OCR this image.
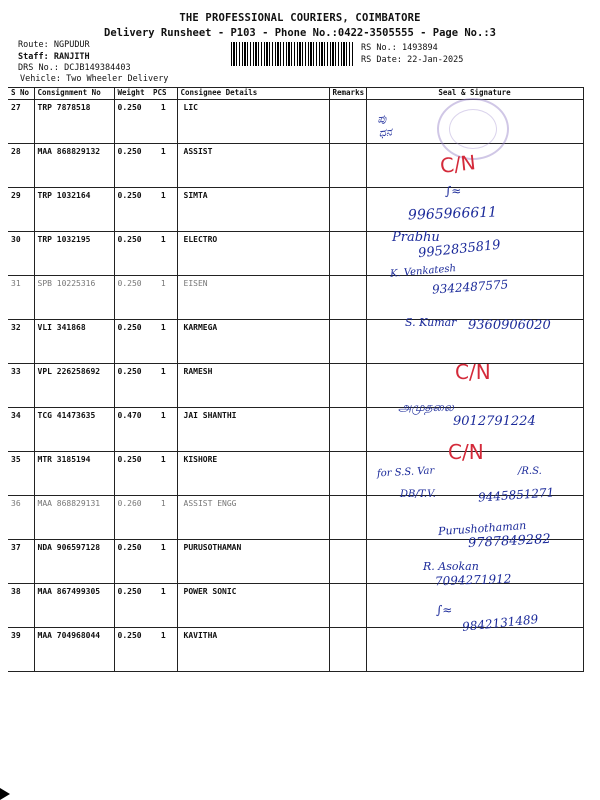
THE PROFESSIONAL COURIERS, COIMBATORE
Delivery Runsheet - P103 - Phone No.:0422-3505555 - Page No.:3
Route: NGPUDUR
Staff: RANJITH
DRS No.: DCJB149384403
Vehicle: Two Wheeler Delivery
RS No.: 1493894
RS Date: 22-Jan-2025
S No	Consignment No	Weight	PCS	Consignee Details	Remarks	Seal & Signature
27	TRP 7878518	0.250	1	LIC		
28	MAA 868829132	0.250	1	ASSIST		
29	TRP 1032164	0.250	1	SIMTA		
30	TRP 1032195	0.250	1	ELECTRO		
31	SPB 10225316	0.250	1	EISEN		
32	VLI 341868	0.250	1	KARMEGA		
33	VPL 226258692	0.250	1	RAMESH		
34	TCG 41473635	0.470	1	JAI SHANTHI		
35	MTR 3185194	0.250	1	KISHORE		
36	MAA 868829131	0.260	1	ASSIST ENGG		
37	NDA 906597128	0.250	1	PURUSOTHAMAN		
38	MAA 867499305	0.250	1	POWER SONIC		
39	MAA 704968044	0.250	1	KAVITHA		
ಪು
ಧನ
C/N
∫≈
9965966611
Prabhu
9952835819
K. Venkatesh
9342487575
S. Kumar 9360906020
C/N
அமுதலை
9012791224
C/N
for S.S. Var	/R.S.
DB/T.V.	9445851271
Purushothaman
9787849282
R. Asokan
7094271912
∫≈
9842131489
